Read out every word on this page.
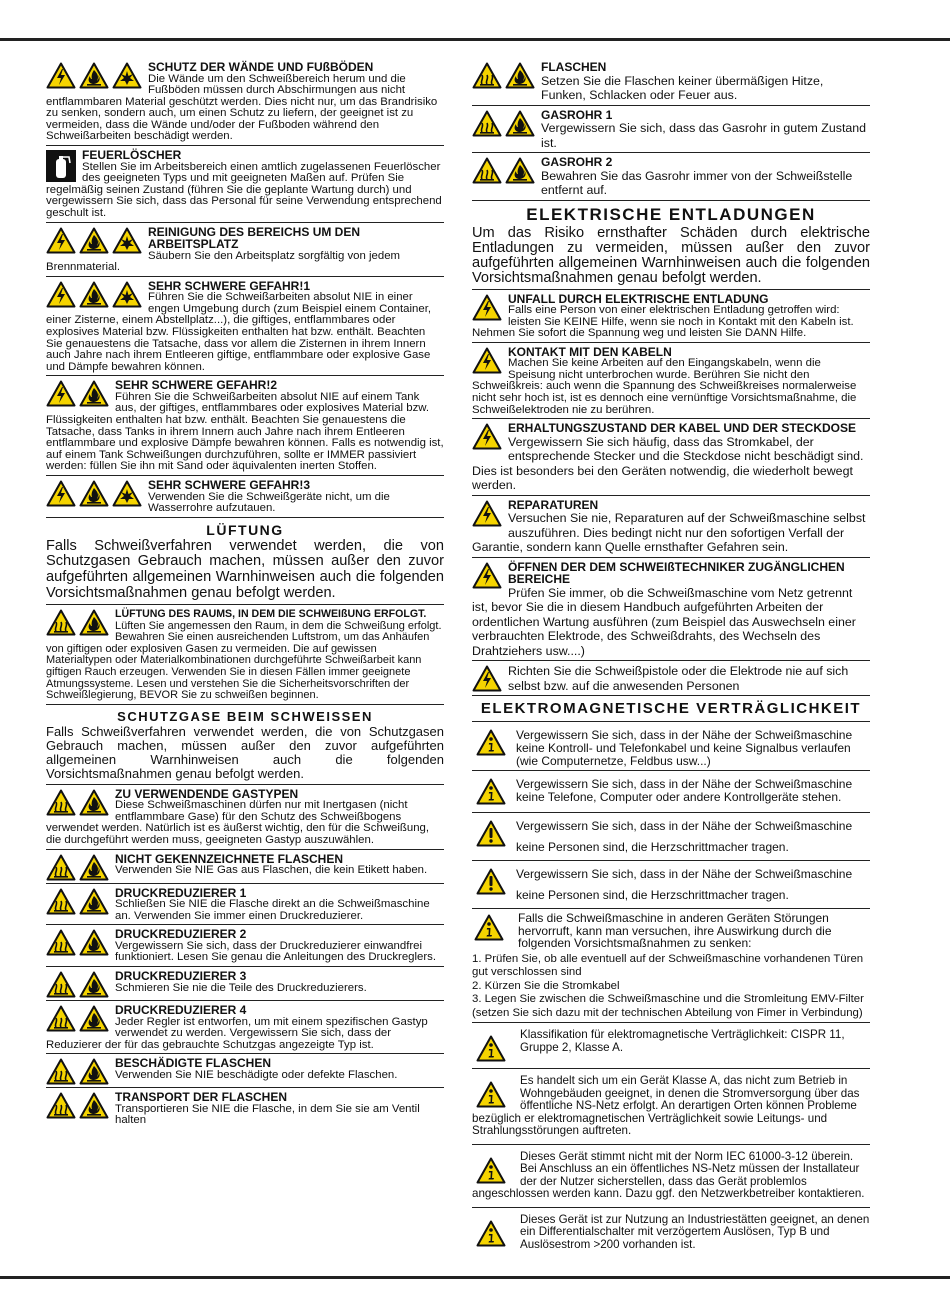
SCHUTZ DER WÄNDE UND FUßBÖDEN

Die Wände um den Schweißbereich herum und die Fußböden müssen durch Abschirmungen aus nicht entflammbaren Material geschützt werden. Dies nicht nur, um das Brandrisiko zu senken, sondern auch, um einen Schutz zu liefern, der geeignet ist zu vermeiden, dass die Wände und/oder der Fußboden während den Schweißarbeiten beschädigt werden.

FEUERLÖSCHER

Stellen Sie im Arbeitsbereich einen amtlich zugelassenen Feuerlöscher des geeigneten Typs und mit geeigneten Maßen auf. Prüfen Sie regelmäßig seinen Zustand (führen Sie die geplante Wartung durch) und vergewissern Sie sich, dass das Personal für seine Verwendung entsprechend geschult ist.

REINIGUNG DES BEREICHS UM DEN ARBEITSPLATZ

Säubern Sie den Arbeitsplatz sorgfältig von jedem Brennmaterial.

SEHR SCHWERE GEFAHR!1

Führen Sie die Schweißarbeiten absolut NIE in einer engen Umgebung durch (zum Beispiel einem Container, einer Zisterne, einem Abstellplatz...), die giftiges, entflammbares oder explosives Material bzw. Flüssigkeiten enthalten hat bzw. enthält. Beachten Sie genauestens die Tatsache, dass vor allem die Zisternen in ihrem Innern auch Jahre nach ihrem Entleeren giftige, entflammbare oder explosive Gase und Dämpfe bewahren können.

SEHR SCHWERE GEFAHR!2

Führen Sie die Schweißarbeiten absolut NIE auf einem Tank aus, der giftiges, entflammbares oder explosives Material bzw. Flüssigkeiten enthalten hat bzw. enthält. Beachten Sie genauestens die Tatsache, dass Tanks in ihrem Innern auch Jahre nach ihrem Entleeren entflammbare und explosive Dämpfe bewahren können. Falls es notwendig ist, auf einem Tank Schweißungen durchzuführen, sollte er IMMER passiviert werden: füllen Sie ihn mit Sand oder äquivalenten inerten Stoffen.

SEHR SCHWERE GEFAHR!3

Verwenden Sie die Schweißgeräte nicht, um die Wasserrohre aufzutauen.

LÜFTUNG
Falls Schweißverfahren verwendet werden, die von Schutzgasen Gebrauch machen, müssen außer den zuvor aufgeführten allgemeinen Warnhinweisen auch die folgenden Vorsichtsmaßnahmen genau befolgt werden.
LÜFTUNG DES RAUMS, IN DEM DIE SCHWEIßUNG ERFOLGT.

Lüften Sie angemessen den Raum, in dem die Schweißung erfolgt. Bewahren Sie einen ausreichenden Luftstrom, um das Anhäufen von giftigen oder explosiven Gasen zu vermeiden. Die auf gewissen Materialtypen oder Materialkombinationen durchgeführte Schweißarbeit kann giftigen Rauch erzeugen. Verwenden Sie in diesen Fällen immer geeignete Atmungssysteme. Lesen und verstehen Sie die Sicherheitsvorschriften der Schweißlegierung, BEVOR Sie zu schweißen beginnen.

SCHUTZGASE BEIM SCHWEISSEN
Falls Schweißverfahren verwendet werden, die von Schutzgasen Gebrauch machen, müssen außer den zuvor aufgeführten allgemeinen Warnhinweisen auch die folgenden Vorsichtsmaßnahmen genau befolgt werden.
ZU VERWENDENDE GASTYPEN

Diese Schweißmaschinen dürfen nur mit Inertgasen (nicht entflammbare Gase) für den Schutz des Schweißbogens verwendet werden. Natürlich ist es äußerst wichtig, den für die Schweißung, die durchgeführt werden muss, geeigneten Gastyp auszuwählen.

NICHT GEKENNZEICHNETE FLASCHEN

Verwenden Sie NIE Gas aus Flaschen, die kein Etikett haben.

DRUCKREDUZIERER 1

Schließen Sie NIE die Flasche direkt an die Schweißmaschine an. Verwenden Sie immer einen Druckreduzierer.

DRUCKREDUZIERER 2

Vergewissern Sie sich, dass der Druckreduzierer einwandfrei funktioniert. Lesen Sie genau die Anleitungen des Druckreglers.

DRUCKREDUZIERER 3

Schmieren Sie nie die Teile des Druckreduzierers.

DRUCKREDUZIERER 4

Jeder Regler ist entworfen, um mit einem spezifischen Gastyp verwendet zu werden. Vergewissern Sie sich, dass der Reduzierer der für das gebrauchte Schutzgas angezeigte Typ ist.

BESCHÄDIGTE FLASCHEN

Verwenden Sie NIE beschädigte oder defekte Flaschen.

TRANSPORT DER FLASCHEN

Transportieren Sie NIE die Flasche, in dem Sie sie am Ventil halten

FLASCHEN

Setzen Sie die Flaschen keiner übermäßigen Hitze, Funken, Schlacken oder Feuer aus.

GASROHR 1

Vergewissern Sie sich, dass das Gasrohr in gutem Zustand ist.

GASROHR 2

Bewahren Sie das Gasrohr immer von der Schweißstelle entfernt auf.

ELEKTRISCHE ENTLADUNGEN
Um das Risiko ernsthafter Schäden durch elektrische Entladungen zu vermeiden, müssen außer den zuvor aufgeführten allgemeinen Warnhinweisen auch die folgenden Vorsichtsmaßnahmen genau befolgt werden.
UNFALL DURCH ELEKTRISCHE ENTLADUNG

Falls eine Person von einer elektrischen Entladung getroffen wird: leisten Sie KEINE Hilfe, wenn sie noch in Kontakt mit den Kabeln ist. Nehmen Sie sofort die Spannung weg und leisten Sie DANN Hilfe.

KONTAKT MIT DEN KABELN

Machen Sie keine Arbeiten auf den Eingangskabeln, wenn die Speisung nicht unterbrochen wurde. Berühren Sie nicht den Schweißkreis: auch wenn die Spannung des Schweißkreises normalerweise nicht sehr hoch ist, ist es dennoch eine vernünftige Vorsichtsmaßnahme, die Schweißelektroden nie zu berühren.

ERHALTUNGSZUSTAND DER KABEL UND DER STECKDOSE

Vergewissern Sie sich häufig, dass das Stromkabel, der entsprechende Stecker und die Steckdose nicht beschädigt sind. Dies ist besonders bei den Geräten notwendig, die wiederholt bewegt werden.

REPARATUREN

Versuchen Sie nie, Reparaturen auf der Schweißmaschine selbst auszuführen. Dies bedingt nicht nur den sofortigen Verfall der Garantie, sondern kann Quelle ernsthafter Gefahren sein.

ÖFFNEN DER DEM SCHWEIßTECHNIKER ZUGÄNGLICHEN BEREICHE

Prüfen Sie immer, ob die Schweißmaschine vom Netz getrennt ist, bevor Sie die in diesem Handbuch aufgeführten Arbeiten der ordentlichen Wartung ausführen (zum Beispiel das Auswechseln einer verbrauchten Elektrode, des Schweißdrahts, des Wechseln des Drahtziehers usw....)

Richten Sie die Schweißpistole oder die Elektrode nie auf sich selbst bzw. auf die anwesenden Personen

ELEKTROMAGNETISCHE VERTRÄGLICHKEIT

Vergewissern Sie sich, dass in der Nähe der Schweißmaschine keine Kontroll- und Telefonkabel und keine Signalbus verlaufen (wie Computernetze, Feldbus usw...)

Vergewissern Sie sich, dass in der Nähe der Schweißmaschine keine Telefone, Computer oder andere Kontrollgeräte stehen.

Vergewissern Sie sich, dass in der Nähe der Schweißmaschine keine Personen sind, die Herzschrittmacher tragen.

Vergewissern Sie sich, dass in der Nähe der Schweißmaschine keine Personen sind, die Herzschrittmacher tragen.

Falls die Schweißmaschine in anderen Geräten Störungen hervorruft, kann man versuchen, ihre Auswirkung durch die folgenden Vorsichtsmaßnahmen zu senken:

1. Prüfen Sie, ob alle eventuell auf der Schweißmaschine vorhandenen Türen gut verschlossen sind

2. Kürzen Sie die Stromkabel

3. Legen Sie zwischen die Schweißmaschine und die Stromleitung EMV-Filter (setzen Sie sich dazu mit der technischen Abteilung von Fimer in Verbindung)

Klassifikation für elektromagnetische Verträglichkeit: CISPR 11, Gruppe 2, Klasse A.

Es handelt sich um ein Gerät Klasse A, das nicht zum Betrieb in Wohngebäuden geeignet, in denen die Stromversorgung über das öffentliche NS-Netz erfolgt. An derartigen Orten können Probleme bezüglich er elektromagnetischen Verträglichkeit sowie Leitungs- und Strahlungsstörungen auftreten.

Dieses Gerät stimmt nicht mit der Norm IEC 61000-3-12 überein. Bei Anschluss an ein öffentliches NS-Netz müssen der Installateur der der Nutzer sicherstellen, dass das Gerät problemlos angeschlossen werden kann. Dazu ggf. den Netzwerkbetreiber kontaktieren.

Dieses Gerät ist zur Nutzung an Industriestätten geeignet, an denen ein Differentialschalter mit verzögertem Auslösen, Typ B und Auslösestrom >200 vorhanden ist.
